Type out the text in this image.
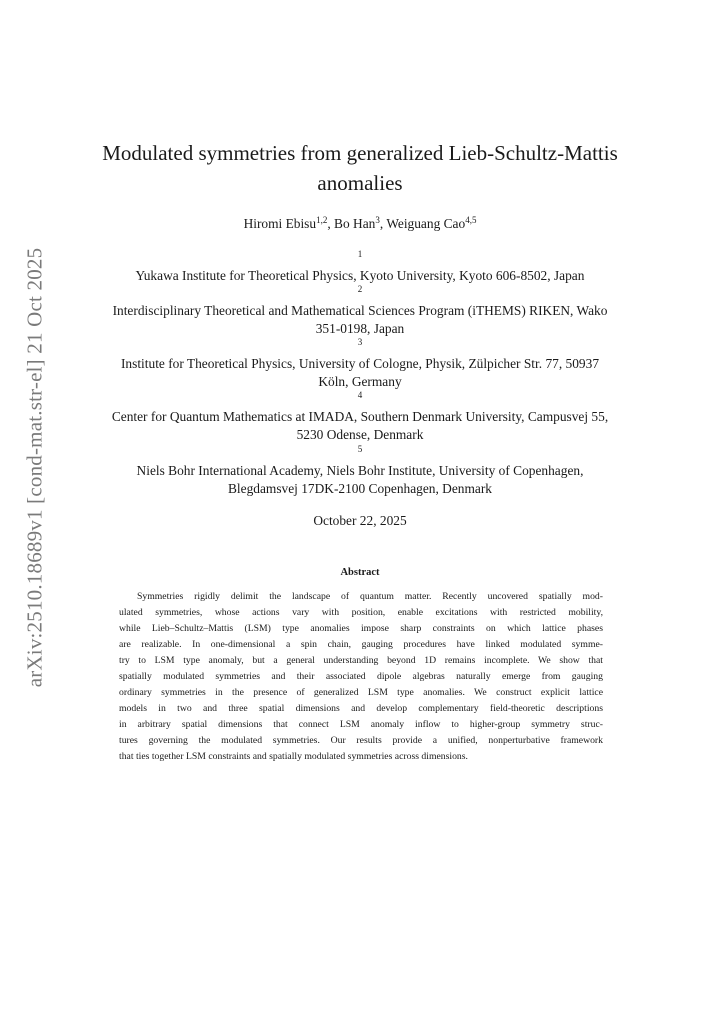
arXiv:2510.18689v1 [cond-mat.str-el] 21 Oct 2025
Modulated symmetries from generalized Lieb-Schultz-Mattis
anomalies
Hiromi Ebisu$^{1,2}$, Bo Han$^3$, Weiguang Cao$^{4,5}$
$^1$
Yukawa Institute for Theoretical Physics, Kyoto University, Kyoto 606-8502, Japan
$^2$
Interdisciplinary Theoretical and Mathematical Sciences Program (iTHEMS) RIKEN, Wako
351-0198, Japan
$^3$
Institute for Theoretical Physics, University of Cologne, Physik, Zülpicher Str. 77, 50937
Köln, Germany
$^4$
Center for Quantum Mathematics at IMADA, Southern Denmark University, Campusvej 55,
5230 Odense, Denmark
$^5$
Niels Bohr International Academy, Niels Bohr Institute, University of Copenhagen,
Blegdamsvej 17DK-2100 Copenhagen, Denmark
October 22, 2025
Abstract
Symmetries rigidly delimit the landscape of quantum matter. Recently uncovered spatially mod-
ulated symmetries, whose actions vary with position, enable excitations with restricted mobility,
while Lieb–Schultz–Mattis (LSM) type anomalies impose sharp constraints on which lattice phases
are realizable. In one-dimensional a spin chain, gauging procedures have linked modulated symme-
try to LSM type anomaly, but a general understanding beyond 1D remains incomplete. We show that
spatially modulated symmetries and their associated dipole algebras naturally emerge from gauging
ordinary symmetries in the presence of generalized LSM type anomalies. We construct explicit lattice
models in two and three spatial dimensions and develop complementary field-theoretic descriptions
in arbitrary spatial dimensions that connect LSM anomaly inflow to higher-group symmetry struc-
tures governing the modulated symmetries. Our results provide a unified, nonperturbative framework
that ties together LSM constraints and spatially modulated symmetries across dimensions.
